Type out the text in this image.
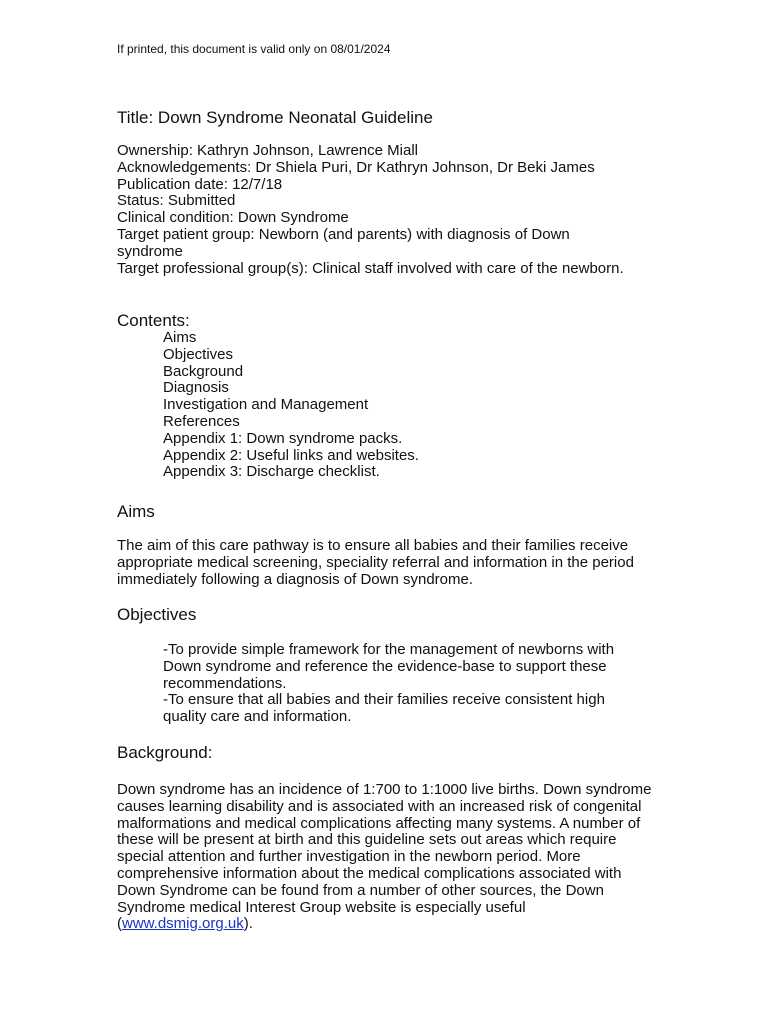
If printed, this document is valid only on 08/01/2024
Title: Down Syndrome Neonatal Guideline
Ownership: Kathryn Johnson, Lawrence Miall
Acknowledgements: Dr Shiela Puri, Dr Kathryn Johnson, Dr Beki James
Publication date: 12/7/18
Status: Submitted
Clinical condition: Down Syndrome
Target patient group: Newborn (and parents) with diagnosis of Down syndrome
Target professional group(s): Clinical staff involved with care of the newborn.
Contents:
Aims
Objectives
Background
Diagnosis
Investigation and Management
References
Appendix 1: Down syndrome packs.
Appendix 2: Useful links and websites.
Appendix 3: Discharge checklist.
Aims

The aim of this care pathway is to ensure all babies and their families receive appropriate medical screening, speciality referral and information in the period immediately following a diagnosis of Down syndrome.

Objectives

-To provide simple framework for the management of newborns with Down syndrome and reference the evidence-base to support these recommendations.

-To ensure that all babies and their families receive consistent high quality care and information.

Background:

Down syndrome has an incidence of 1:700 to 1:1000 live births. Down syndrome causes learning disability and is associated with an increased risk of congenital malformations and medical complications affecting many systems. A number of these will be present at birth and this guideline sets out areas which require special attention and further investigation in the newborn period. More comprehensive information about the medical complications associated with Down Syndrome can be found from a number of other sources, the Down Syndrome medical Interest Group website is especially useful (www.dsmig.org.uk).
